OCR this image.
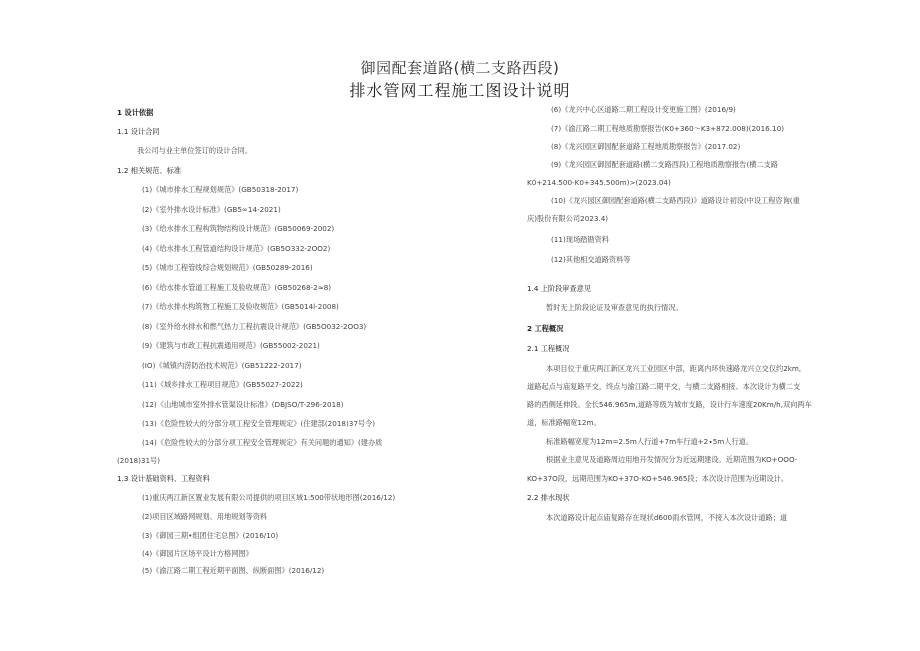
御园配套道路(横二支路西段)
排水管网工程施工图设计说明
1 设计依据
1.1 设计合同
我公司与业主单位签订的设计合同。
1.2 相关规范、标准
(1)《城市排水工程规划规范》(GB50318-2017)
(2)《室外排水设计标准》(GB5∞14-2021)
(3)《给水排水工程构筑物结构设计规范》(GB50069-2002)
(4)《给水排水工程管道结构设计规范》(GB5O332-2OO2)
(5)《城市工程管线综合规划规范》(GB50289-2016)
(6)《给水排水管道工程施工及验收规范》(GB50268-2≈8)
(7)《给水排水构筑物工程施工及验收规范》(GB5014l-2008)
(8)《室外给水排水和燃气热力工程抗震设计规范》(GB5O032-2OO3)
(9)《建筑与市政工程抗震通用规范》(GB55002-2021)
(IO)《城镇内涝防治技术规范》(GB51222-2017)
(11)《城乡排水工程项目规范》(GB55027-2022)
(12)《山地城市室外排水管渠设计标准》(DBJSO/T-296-2018)
(13)《危险性较大的分部分项工程安全管理规定》(住建部(2018)37号令)
(14)《危险性较大的分部分项工程安全管理规定》有关问题的通知》(建办质
(2018)31号)
1.3 设计基础资料、工程资料
(1)重庆两江新区置业发展有限公司提供的项目区域1:500带状地形图(2016/12)
(2)项目区域路网规划、用地规划等资料
(3)《御园三期•组团住宅总图》(2016/10)
(4)《御园片区场平设计方格网图》
(5)《渝江路二期工程近期平面图、纵断面图》(2016/12)
(6)《龙兴中心区道路二期工程设计变更施工图》(2016/9)
(7)《渝江路二期工程地质勘察报告(K0+360～K3+872.008)(2016.10)
(8)《龙兴园区御园配套道路工程地质勘察报告》(2017.02)
(9)《龙兴园区御园配套道路(横二支路西段)工程地质勘察报告(横二支路
K0+214.500-K0+345.500m)>(2023.04)
(10)《龙兴园区御园配套道路(横二支路西段)》道路设计初设(中设工程咨询(重
庆)股份有限公司2023.4)
(11)现场踏勘资料
(12)其他相交道路资料等
1.4 上阶段审查意见
暂时无上阶段论证及审查意见的执行情况。
2 工程概况
2.1 工程概况
本项目位于重庆两江新区龙兴工业园区中部，距离内环快速路龙兴立交仅约2km,
道路起点与庙复路平交，终点与渝江路二期平交，与横二支路相接。本次设计为横二支
路的西侧延伸段。全长546.965m,道路等级为城市支路，设计行车速度20Km/h,双向两车
道，标准路幅宽12m。
标准路幅宽度为12m=2.5m人行道+7m车行道+2∙5m人行道。
根据业主意见及道路周边用地开发情况分为近远期建设。近期范围为KO+OOO-
KO+37O段，远期范围为KO+37O-KO+546.965段；本次设计范围为近期设计。
2.2 排水现状
本次道路设计起点庙复路存在现状d600雨水管网，不接入本次设计道路；道
